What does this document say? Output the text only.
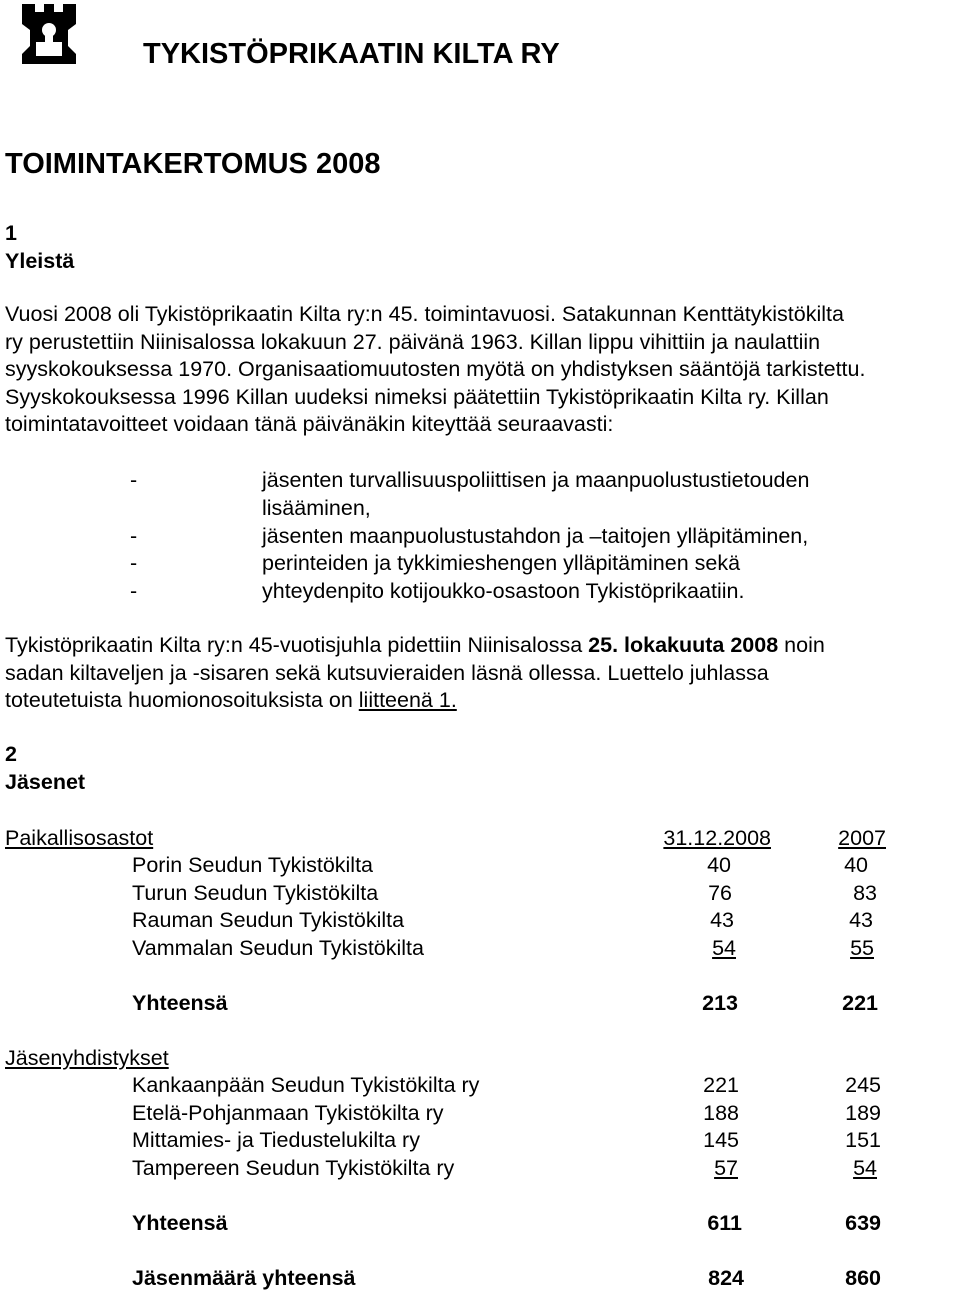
TYKISTÖPRIKAATIN KILTA RY
TOIMINTAKERTOMUS 2008
1
Yleistä

Vuosi 2008 oli Tykistöprikaatin Kilta ry:n 45. toimintavuosi. Satakunnan Kenttätykistökilta

ry perustettiin Niinisalossa lokakuun 27. päivänä 1963. Killan lippu vihittiin ja naulattiin

syyskokouksessa 1970. Organisaatiomuutosten myötä on yhdistyksen sääntöjä tarkistettu.

Syyskokouksessa 1996 Killan uudeksi nimeksi päätettiin Tykistöprikaatin Kilta ry. Killan

toimintatavoitteet voidaan tänä päivänäkin kiteyttää seuraavasti:

-	jäsenten turvallisuuspoliittisen ja maanpuolustustietouden
lisääminen,
-	jäsenten maanpuolustustahdon ja –taitojen ylläpitäminen,
-	perinteiden ja tykkimieshengen ylläpitäminen sekä
-	yhteydenpito kotijoukko-osastoon Tykistöprikaatiin.

Tykistöprikaatin Kilta ry:n 45-vuotisjuhla pidettiin Niinisalossa 25. lokakuuta 2008 noin

sadan kiltaveljen ja -sisaren sekä kutsuvieraiden läsnä ollessa. Luettelo juhlassa

toteutetuista huomionosoituksista on liitteenä 1.

2
Jäsenet
Paikallisosastot	31.12.2008	2007
Porin Seudun Tykistökilta	40	40
Turun Seudun Tykistökilta	76	83
Rauman Seudun Tykistökilta	43	43
Vammalan Seudun Tykistökilta	54	55
Yhteensä	213	221
Jäsenyhdistykset
Kankaanpään Seudun Tykistökilta ry	221	245
Etelä-Pohjanmaan Tykistökilta ry	188	189
Mittamies- ja Tiedustelukilta ry	145	151
Tampereen Seudun Tykistökilta ry	57	54
Yhteensä	611	639
Jäsenmäärä yhteensä	824	860
